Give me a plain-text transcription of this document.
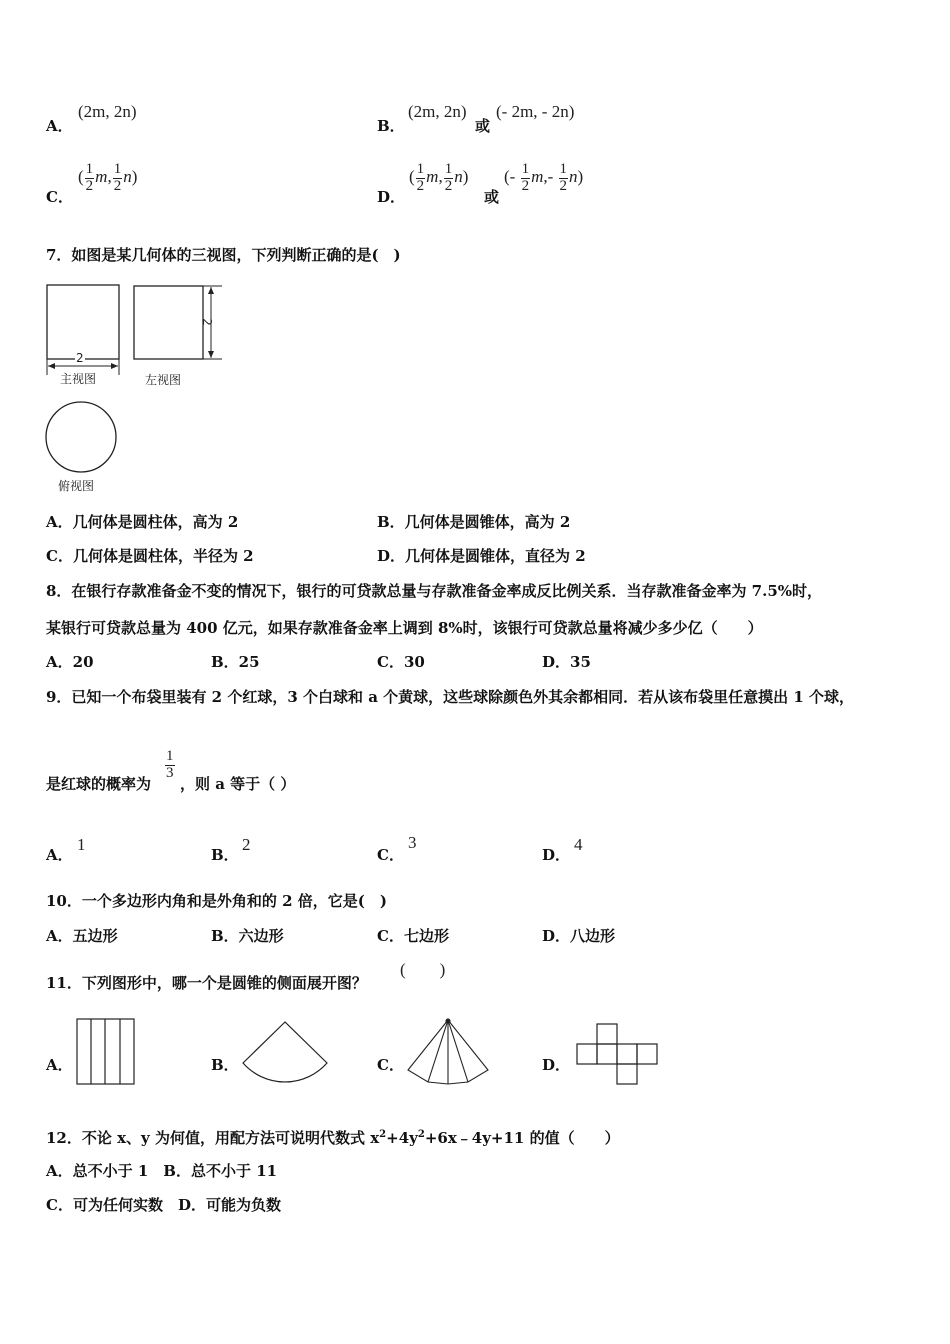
A．
(2m, 2n)
B．
(2m, 2n)
或
(- 2m, - 2n)
C．
( $\frac{1}{2} m$, $\frac{1}{2} n$)
D．
( $\frac{1}{2} m$, $\frac{1}{2} n$)
或
(- $\frac{1}{2} m,- \frac{1}{2} n$)
7．如图是某几何体的三视图，下列判断正确的是(　)
2
2
主视图	左视图
俯视图
A．几何体是圆柱体，高为 2	B．几何体是圆锥体，高为 2
C．几何体是圆柱体，半径为 2	D．几何体是圆锥体，直径为 2
8．在银行存款准备金不变的情况下，银行的可贷款总量与存款准备金率成反比例关系．当存款准备金率为 7.5%时，
某银行可贷款总量为 400 亿元，如果存款准备金率上调到 8%时，该银行可贷款总量将减少多少亿（　　）
A．20	B．25	C．30	D．35
9．已知一个布袋里装有 2 个红球，3 个白球和 a 个黄球，这些球除颜色外其余都相同．若从该布袋里任意摸出 1 个球，
是红球的概率为
$\frac{1}{3}$
，则 a 等于（ ）
A．
1
B．
2
C．
3
D．
4
10．一个多边形内角和是外角和的 2 倍，它是(　)
A．五边形	B．六边形	C．七边形	D．八边形
11．下列图形中，哪一个是圆锥的侧面展开图？
(　　)
A．	B．	C．	D．
12．不论 x、y 为何值，用配方法可说明代数式 $x^2+4y^2+6x﹣4y+11$ 的值（　　）
A．总不小于 1　B．总不小于 11
C．可为任何实数　D．可能为负数
